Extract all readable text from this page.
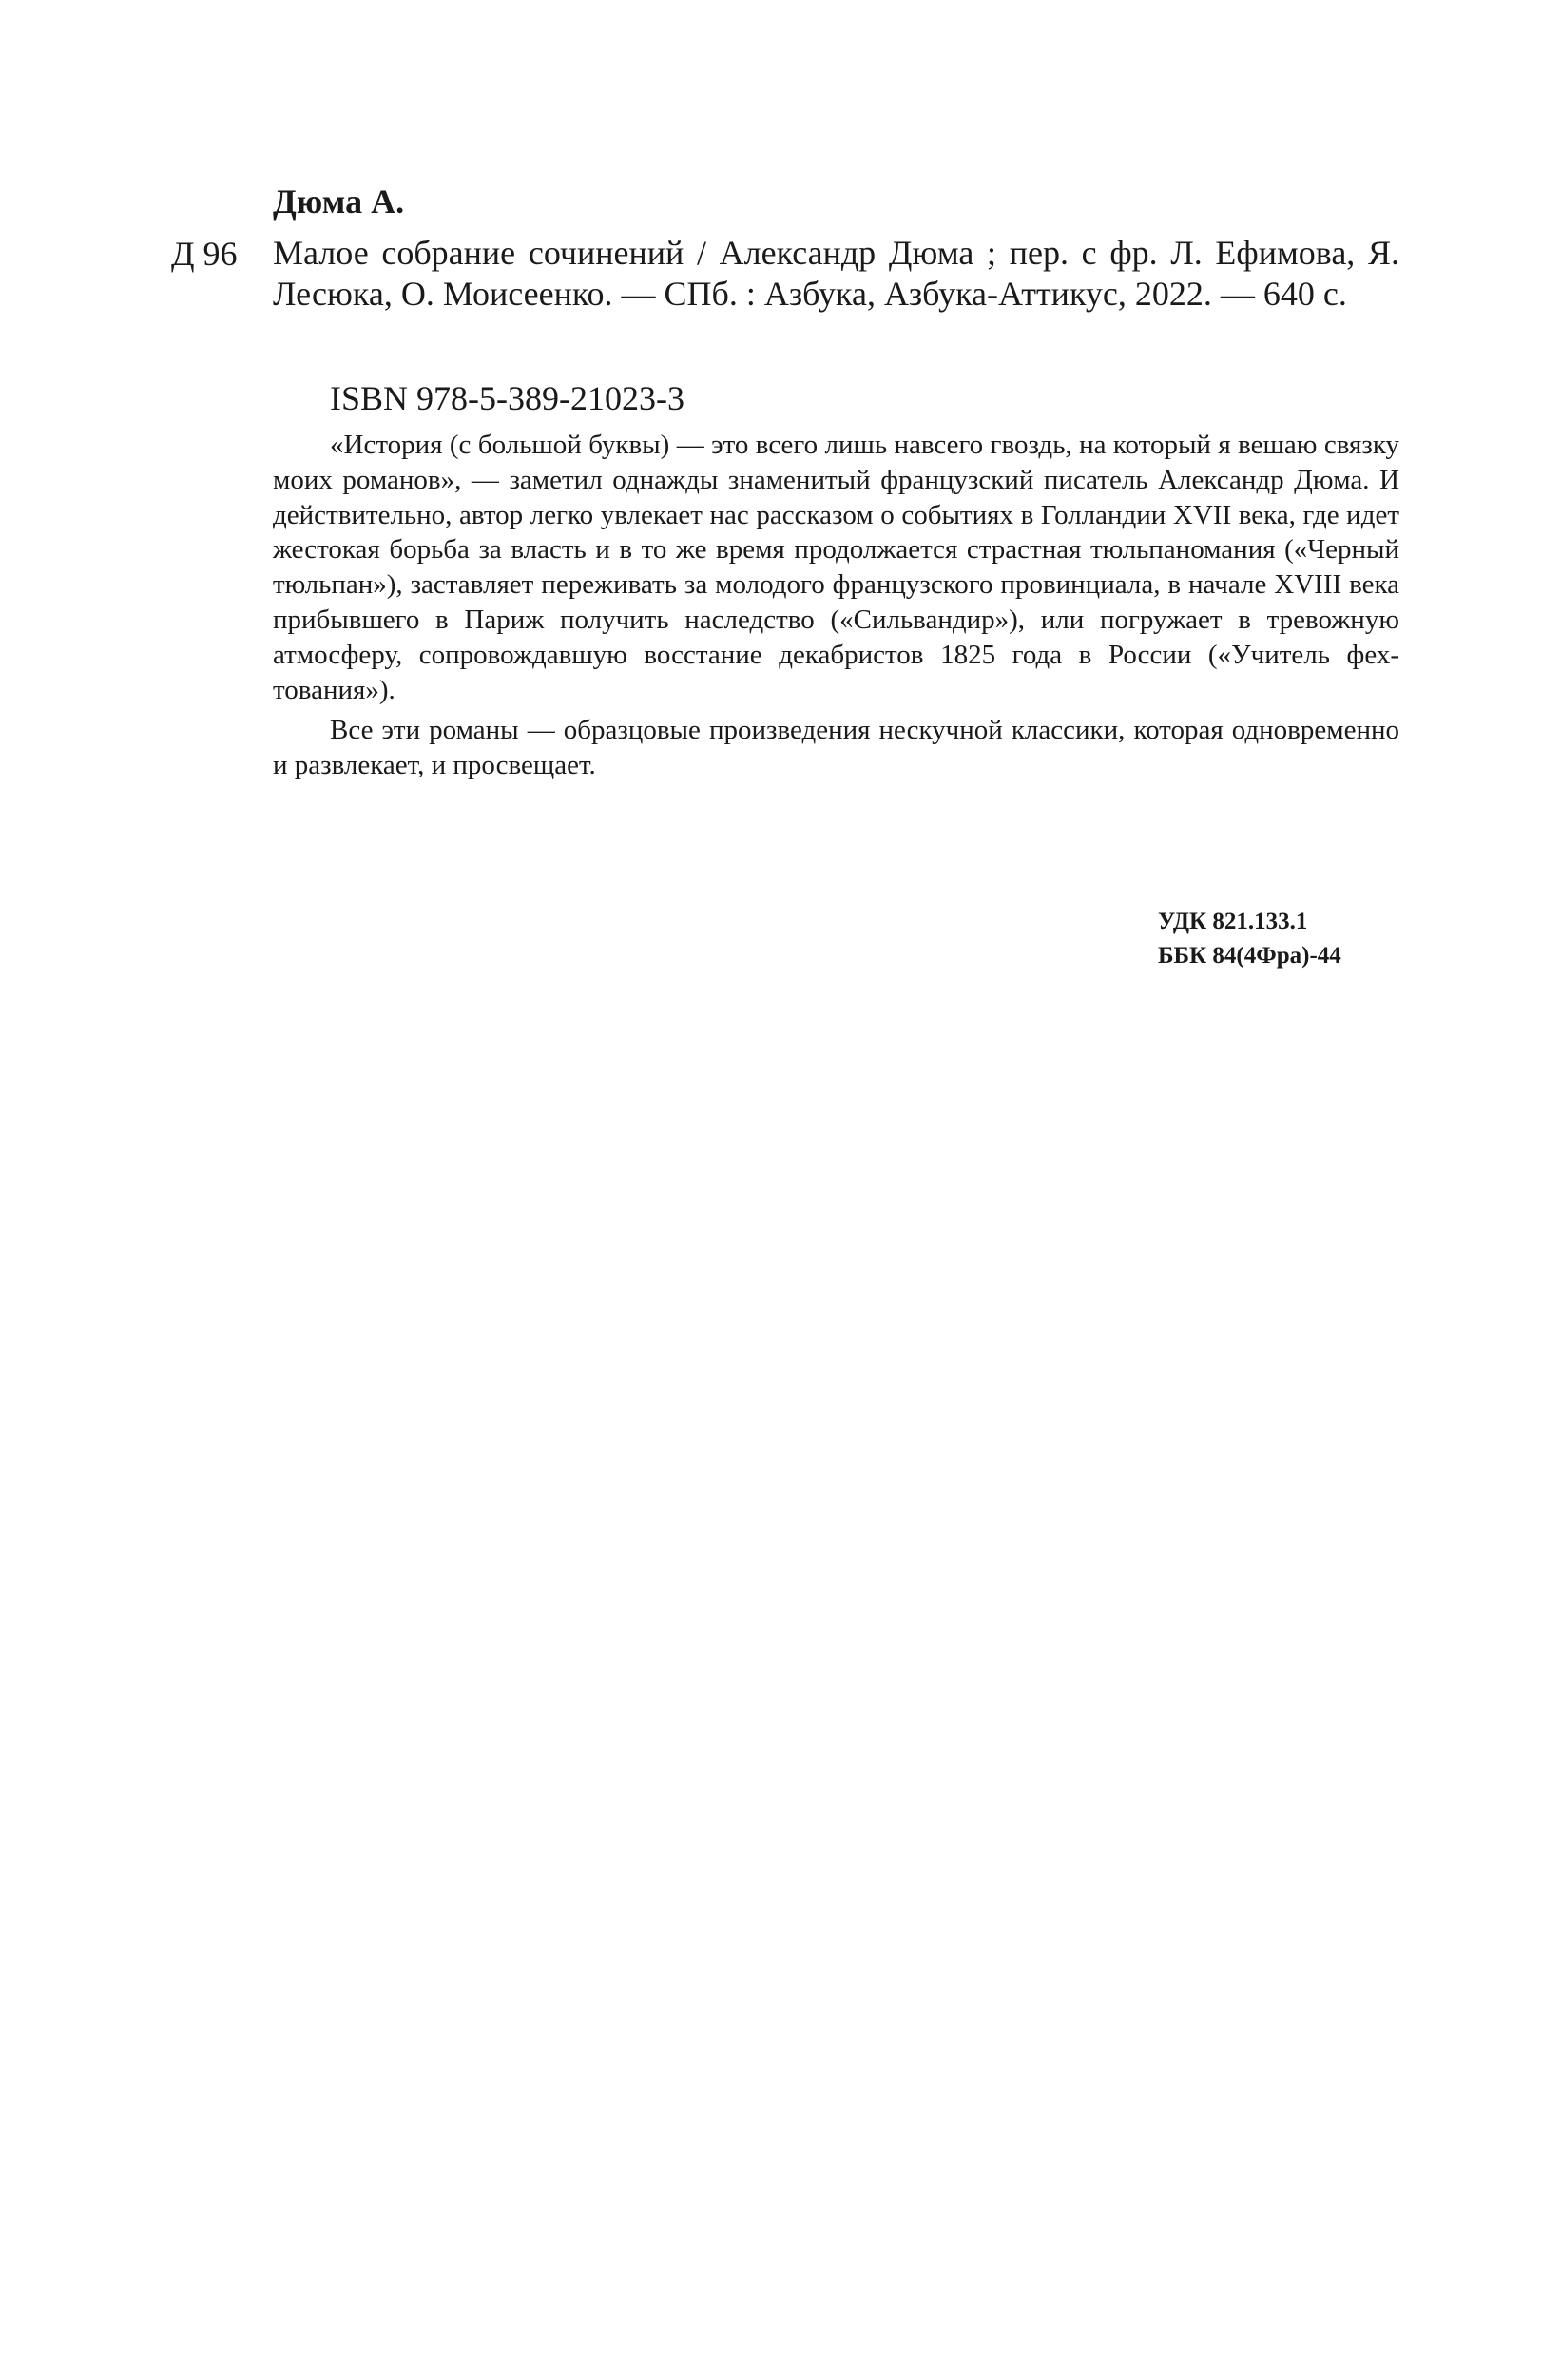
Дюма А.
Д 96 Малое собрание сочинений / Александр Дюма ; пер. с фр. Л. Ефимова, Я. Лесюка, О. Моисеенко. — СПб. : Азбука, Азбука-Аттикус, 2022. — 640 с.
ISBN 978-5-389-21023-3

«История (с большой буквы) — это всего лишь навсего гвоздь, на который я вешаю связку моих романов», — заметил однажды знаменитый французский писатель Александр Дюма. И действительно, автор легко увлекает нас рассказом о событиях в Голландии XVII века, где идет жестокая борьба за власть и в то же время продолжается страстная тюльпаномания («Черный тюльпан»), заставляет переживать за молодого французского провинциала, в начале XVIII века прибывшего в Париж получить наследство («Сильвандир»), или погружает в тревожную атмосферу, сопровождавшую восстание декабристов 1825 года в России («Учитель фехтования»).

Все эти романы — образцовые произведения нескучной классики, которая одновременно и развлекает, и просвещает.

УДК 821.133.1
ББК 84(4Фра)-44
